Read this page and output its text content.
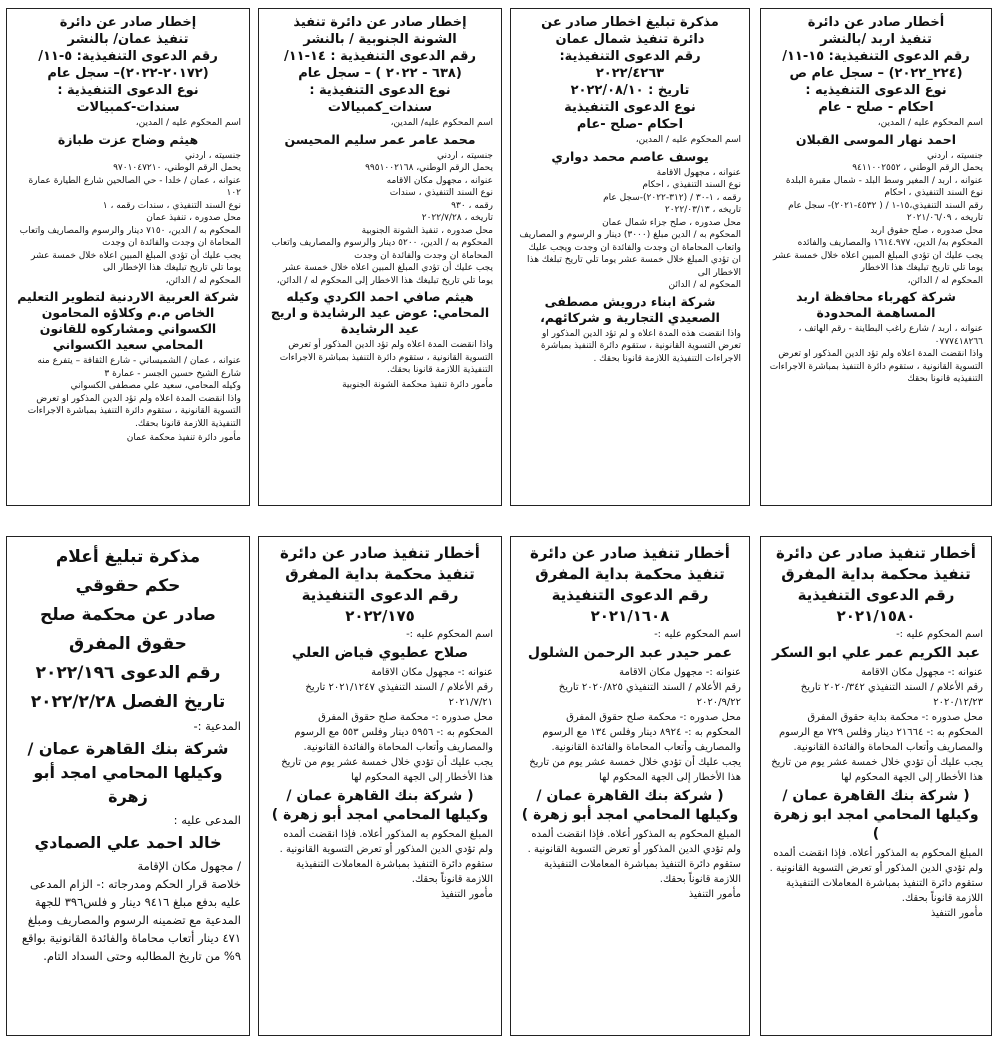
أخطار صادر عن دائرة
تنفيذ اربد /بالنشر
رقم الدعوى التنفيذية: ١٥-١١/
(٢٢٤_٢٠٢٢) – سجل عام ص
نوع الدعوى التنفيذيه :
احكام - صلح - عام
اسم المحكوم عليه / المدين،
احمد نهار الموسى القبلان
جنسيته ، اردني
يحمل الرقم الوطني ، ٩٤١١٠٠٢٥٥٢
عنوانه ، اربد / المغير وسط البلد - شمال مقبرة البلدة
نوع السند التنفيذي ، احكام
رقم السند التنفيذي،١٥-١ / ( ٤٥٣٢-٢٠٢١)- سجل عام
تاريخه ، ٢٠٢١/٠٦/٠٩
محل صدوره ، صلح حقوق اربد
المحكوم به/ الدين، ١٦١٤.٩٧٧ والمصاريف والفائده
يجب عليك ان تؤدي المبلغ المبين اعلاه خلال خمسة عشر يوما تلي تاريخ تبليغك هذا الاخطار
المحكوم له / الدائن،
شركة كهرباء محافظة اربد المساهمة المحدودة
عنوانه ، اربد / شارع راغب البطاينة - رقم الهاتف ، ٠٧٧٧٤١٨٢٦٦
واذا انقضت المدة اعلاه ولم تؤد الدين المذكور او تعرض التسوية القانونية ، ستقوم دائرة التنفيذ بمباشرة الاجراءات التنفيذيه قانونا بحقك
مذكرة تبليغ اخطار صادر عن
دائرة تنفيذ شمال عمان
رقم الدعوى التنفيذية:
٢٠٢٢/٤٢٦٣
تاريخ : ٢٠٢٢/٠٨/١٠
نوع الدعوى التنفيذية
احكام -صلح -عام
اسم المحكوم عليه / المدين،
يوسف عاصم محمد دواري
عنوانه ، مجهول الاقامة
نوع السند التنفيذي ، احكام
رقمه ، ١-٣٠ / (٣١٢-٢٠٢٢)-سجل عام
تاريخه ، ٢٠٢٢/٠٣/١٣
محل صدوره ، صلح جزاء شمال عمان
المحكوم به / الدين مبلغ (٣٠٠٠) دينار و الرسوم و المصاريف واتعاب المحاماة ان وجدت والفائدة ان وجدت ويجب عليك ان تؤدي المبلغ خلال خمسة عشر يوما تلي تاريخ تبلغك هذا الاخطار الى
المحكوم له / الدائن
شركة ابناء درويش مصطفى الصعيدي التجارية و شركائهم،
واذا انقضت هذه المدة اعلاه و لم تؤد الدين المذكور او تعرض التسوية القانونية ، ستقوم دائرة التنفيذ بمباشرة الاجراءات التنفيذية اللازمة قانونا بحقك .
إخطار صادر عن دائرة تنفيذ
الشونة الجنوبية / بالنشر
رقم الدعوى التنفيذية : ١٤-١١/
(٦٣٨ - ٢٠٢٢ ) – سجل عام
نوع الدعوى التنفيذية :
سندات_كمبيالات
اسم المحكوم عليه/ المدين،
محمد عامر عمر سليم المحيسن
جنسيته ، اردني
يحمل الرقم الوطني، ٩٩٥١٠٠٢١٦٨
عنوانه ، مجهول مكان الاقامه
نوع السند التنفيذي ، سندات
رقمه ، ٩٣٠
تاريخه ، ٢٠٢٢/٧/٢٨
محل صدوره ، تنفيذ الشونة الجنوبية
المحكوم به / الدين، ٥٢٠٠ دينار والرسوم والمصاريف واتعاب المحاماة ان وجدت والفائدة ان وجدت
يجب عليك أن تؤدي المبلغ المبين اعلاه خلال خمسة عشر يوما تلي تاريخ تبليغك هذا الاخطار إلى المحكوم له / الدائن،
هيثم صافي احمد الكردي وكيله المحامي: عوض عيد الرشايدة و اريج عيد الرشايدة
واذا انقضت المدة اعلاه ولم تؤد الدين المذكور أو تعرض التسوية القانونية ، ستقوم دائرة التنفيذ بمباشرة الاجراءات التنفيذية اللازمة قانونا بحقك.
مأمور دائرة تنفيذ محكمة الشونة الجنوبية
إخطار صادر عن دائرة
تنفيذ عمان/ بالنشر
رقم الدعوى التنفيذية: ٥-١١/
(٢٠١٧٢-٢٠٢٢)– سجل عام
نوع الدعوى التنفيذية :
سندات-كمبيالات
اسم المحكوم عليه / المدين،
هيثم وضاح عزت طبازة
جنسيته ، اردني
يحمل الرقم الوطني، ٩٧٠١٠٤٧٢١٠
عنوانه ، عمان / خلدا - حي الصالحين شارع الطيارة عمارة ١٠٢
نوع السند التنفيذي ، سندات رقمه ، ١
محل صدوره ، تنفيذ عمان
المحكوم به / الدين، ٧١٥٠ دينار والرسوم والمصاريف واتعاب المحاماة ان وجدت والفائدة ان وجدت
يجب عليك أن تؤدي المبلغ المبين اعلاه خلال خمسة عشر يوما تلي تاريخ تبليغك هذا الإخطار الى
المحكوم له / الدائن،
شركة العربية الاردنية لتطوير التعليم الخاص م.م وكلاؤه المحامون الكسواني ومشاركوه للقانون المحامي سعيد الكسواني
عنوانه ، عمان / الشميساني - شارع الثقافة – يتفرع منه شارع الشيخ حسين الجسر - عمارة ٣
وكيله المحامي، سعيد علي مصطفى الكسواني
واذا انقضت المدة اعلاه ولم تؤد الدين المذكور او تعرض التسوية القانونية ، ستقوم دائرة التنفيذ بمباشرة الاجراءات التنفيذية اللازمة قانونا بحقك.
مأمور دائرة تنفيذ محكمة عمان
أخطار تنفيذ صادر عن دائرة
تنفيذ محكمة بداية المفرق
رقم الدعوى التنفيذية
٢٠٢١/١٥٨٠
اسم المحكوم عليه :-
عبد الكريم عمر علي ابو السكر
عنوانه :- مجهول مكان الاقامة
رقم الأعلام / السند التنفيذي ٢٠٢٠/٣٤٢ تاريخ ٢٠٢٠/١٢/٢٣
محل صدوره :- محكمة بداية حقوق المفرق
المحكوم به :- ٢١٦٦٤ دينار وفلس ٧٢٩ مع الرسوم والمصاريف وأتعاب المحاماة والفائدة القانونية.
يجب عليك أن تؤدي خلال خمسة عشر يوم من تاريخ هذا الأخطار إلى الجهة المحكوم لها
( شركة بنك القاهرة عمان / وكيلها المحامي امجد ابو زهرة )
المبلغ المحكوم به المذكور أعلاه. فإذا انقضت ألمده ولم تؤدي الدين المذكور أو تعرض التسوية القانونية . ستقوم دائرة التنفيذ بمباشرة المعاملات التنفيذية اللازمة قانوناً بحقك.
مأمور التنفيذ
أخطار تنفيذ صادر عن دائرة
تنفيذ محكمة بداية المفرق
رقم الدعوى التنفيذية
٢٠٢١/١٦٠٨
اسم المحكوم عليه :-
عمر حيدر عبد الرحمن الشلول
عنوانه :- مجهول مكان الاقامة
رقم الأعلام / السند التنفيذي ٢٠٢٠/٨٢٥ تاريخ ٢٠٢٠/٩/٢٢
محل صدوره :- محكمة صلح حقوق المفرق
المحكوم به :- ٨٩٢٤ دينار وفلس ١٣٤ مع الرسوم والمصاريف وأتعاب المحاماة والفائدة القانونية.
يجب عليك أن تؤدي خلال خمسة عشر يوم من تاريخ هذا الأخطار إلى الجهة المحكوم لها
( شركة بنك القاهرة عمان / وكيلها المحامي امجد أبو زهرة )
المبلغ المحكوم به المذكور أعلاه. فإذا انقضت ألمده ولم تؤدي الدين المذكور أو تعرض التسوية القانونية . ستقوم دائرة التنفيذ بمباشرة المعاملات التنفيذية اللازمة قانوناً بحقك.
مأمور التنفيذ
أخطار تنفيذ صادر عن دائرة
تنفيذ محكمة بداية المفرق
رقم الدعوى التنفيذية
٢٠٢٢/١٧٥
اسم المحكوم عليه :-
صلاح عطيوي فياض العلي
عنوانه :- مجهول مكان الاقامة
رقم الأعلام / السند التنفيذي ٢٠٢١/١٢٤٧ تاريخ ٢٠٢١/٧/٢١
محل صدوره :- محكمة صلح حقوق المفرق
المحكوم به :- ٥٩٥٦ دينار وفلس ٥٥٣ مع الرسوم والمصاريف وأتعاب المحاماة والفائدة القانونية.
يجب عليك أن تؤدي خلال خمسة عشر يوم من تاريخ هذا الأخطار إلى الجهة المحكوم لها
( شركة بنك القاهرة عمان / وكيلها المحامي امجد أبو زهرة )
المبلغ المحكوم به المذكور أعلاه. فإذا انقضت ألمده ولم تؤدي الدين المذكور أو تعرض التسوية القانونية . ستقوم دائرة التنفيذ بمباشرة المعاملات التنفيذية اللازمة قانوناً بحقك.
مأمور التنفيذ
مذكرة تبليغ أعلام
حكم حقوقي
صادر عن محكمة صلح
حقوق المفرق
رقم الدعوى ٢٠٢٢/١٩٦
تاريخ الفصل ٢٠٢٢/٢/٢٨
المدعية :-
شركة بنك القاهرة عمان / وكيلها المحامي امجد أبو زهرة
المدعى عليه :
خالد احمد علي الصمادي
/ مجهول مكان الإقامة
خلاصة قرار الحكم ومدرجاته :- الزام المدعى عليه بدفع مبلغ ٩٤١٦ دينار و فلس٣٩٦ للجهة المدعية مع تضمينه الرسوم والمصاريف ومبلغ ٤٧١ دينار أتعاب محاماة والفائدة القانونية بواقع ٩% من تاريخ المطالبه وحتى السداد التام.
